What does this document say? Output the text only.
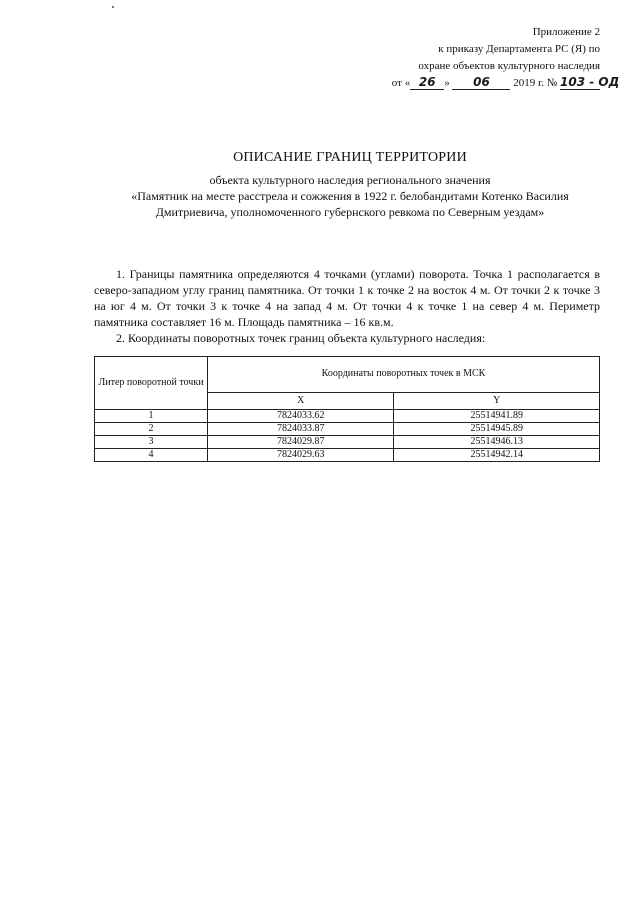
Приложение 2
к приказу Департамента РС (Я) по
охране объектов культурного наследия
от « 26 » 06 2019 г. № 103 - ОД
ОПИСАНИЕ ГРАНИЦ ТЕРРИТОРИИ
объекта культурного наследия регионального значения
«Памятник на месте расстрела и сожжения в 1922 г. белобандитами Котенко Василия
Дмитриевича, уполномоченного губернского ревкома по Северным уездам»

1. Границы памятника определяются 4 точками (углами) поворота. Точка 1 располагается в северо-западном углу границ памятника. От точки 1 к точке 2 на восток 4 м. От точки 2 к точке 3 на юг 4 м. От точки 3 к точке 4 на запад 4 м. От точки 4 к точке 1 на север 4 м. Периметр памятника составляет 16 м. Площадь памятника – 16 кв.м.

2. Координаты поворотных точек границ объекта культурного наследия:

Литер поворотной точки	Координаты поворотных точек в МСК	
	X	Y
1	7824033.62	25514941.89
2	7824033.87	25514945.89
3	7824029.87	25514946.13
4	7824029.63	25514942.14
